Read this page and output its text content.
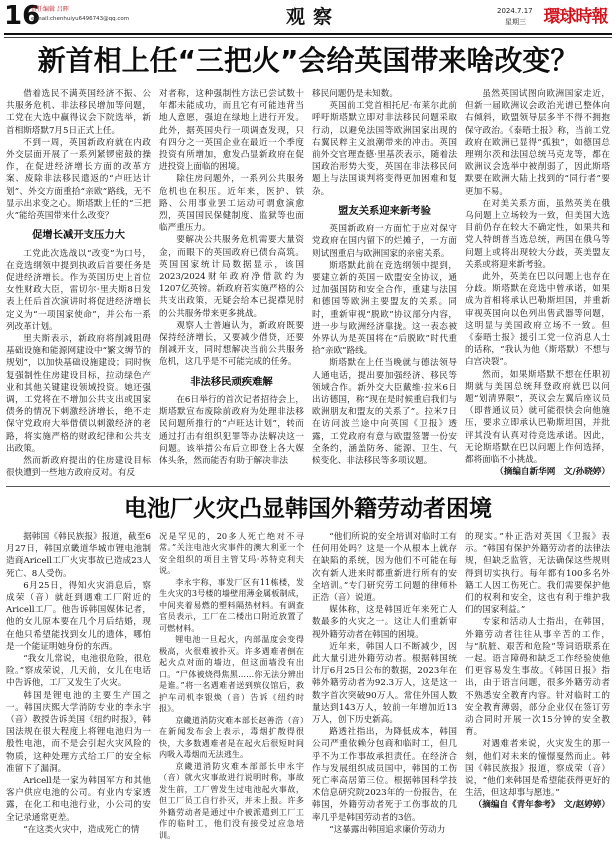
16
责任编辑 吕晖
e-mail:chenhuiyu6496743@qq.com	观察	2024.7.17
星期三	環球時報
新首相上任“三把火”会给英国带来啥改变？

借着选民不满英国经济不振、公共服务危机、非法移民增加等问题，工党在大选中赢得议会下院选举，新首相斯塔默7月5日正式上任。

不到一周，英国新政府就在内政外交层面开展了一系列紧锣密鼓的操作，在促进经济增长方面的改革方案、废除非法移民遣返的“卢旺达计划”、外交方面重拾“亲欧”路线，无不显示出求变之心。斯塔默上任的“三把火”能给英国带来什么改变？

促增长减开支压力大

工党此次选战以“改变”为口号，在竞选纲领中提到执政后首要任务是促进经济增长。作为英国历史上首位女性财政大臣，雷切尔·里夫斯8日发表上任后首次演讲时将促进经济增长定义为“一项国家使命”，并公布一系列改革计划。

里夫斯表示，新政府将削减阻碍基础设施和能源网建设中“繁文缛节的规划”，以加快基础设施建设；同时恢复强制性住房建设目标，拉动绿色产业和其他关键建设领域投资。她还强调，工党将在不增加公共支出或国家债务的情况下刺激经济增长，绝不走保守党政府大举借债以刺激经济的老路，将实施严格的财政纪律和公共支出政策。

然而新政府提出的住房建设目标很快遭到一些地方政府反对。有反

对者称，这种强制性方法已尝试数十年都未能成功，而且它有可能违背当地人意愿，强迫在绿地上进行开发。此外，据英国央行一项调查发现，只有四分之一英国企业在最近一个季度投资有所增加，愈发凸显新政府在促进投资上面临的困境。

除住房问题外，一系列公共服务危机也在积压。近年来，医护、铁路、公用事业罢工运动可谓愈演愈烈，英国国民保健制度、监狱等也面临严重压力。

要解决公共服务危机需要大量资金，而眼下的英国政府已债台高筑。英国国家统计局数据显示，该国2023/2024财年政府净借款约为1207亿英镑。新政府若实施严格的公共支出政策，无疑会给本已捉襟见肘的公共服务带来更多挑战。

观察人士普遍认为，新政府既要保持经济增长，又要减少借贷，还要削减开支，同时想解决当前公共服务危机，这几乎是不可能完成的任务。

非法移民顽疾难解

在6日举行的首次记者招待会上，斯塔默宣布废除前政府为处理非法移民问题所推行的“卢旺达计划”，转而通过打击有组织犯罪等办法解决这一问题。该举措公布后立即登上各大媒体头条，然而能否有助于解决非法

移民问题仍是未知数。

英国前工党首相托尼·布莱尔此前呼吁斯塔默立即对非法移民问题采取行动，以避免法国等欧洲国家出现的右翼民粹主义浪潮带来的冲击。英国前外交官理查德·里基茨表示，随着法国政治形势大变，英国在非法移民问题上与法国谈判将变得更加困难和复杂。

盟友关系迎来新考验

英国新政府一方面忙于应对保守党政府在国内留下的烂摊子，一方面则试图重启与欧洲国家的亲密关系。

斯塔默此前在竞选纲领中提到，要建立新的英国－欧盟安全协议，通过加强国防和安全合作，重建与法国和德国等欧洲主要盟友的关系。同时，重新审视“脱欧”协议部分内容，进一步与欧洲经济靠拢。这一表态被外界认为是英国将在“后脱欧”时代重拾“亲欧”路线。

斯塔默在上任当晚就与德法领导人通电话，提出要加强经济、移民等领域合作。新外交大臣戴维·拉米6日出访德国，称“现在是时候重启我们与欧洲朋友和盟友的关系了”。拉米7日在访问波兰途中向英国《卫报》透露，工党政府有意与欧盟签署一份安全条约，涵盖防务、能源、卫生、气候变化、非法移民等多项议题。

虽然英国试图向欧洲国家走近，但新一届欧洲议会政治光谱已整体向右倾斜，欧盟领导层多半不得不拥抱保守政治。《泰晤士报》称，当前工党政府在欧洲已显得“孤独”，如德国总理朔尔茨和法国总统马克龙等，都在欧洲议会选举中被削弱了，因此斯塔默要在欧洲大陆上找到的“同行者”要更加不易。

在对美关系方面，虽然英美在俄乌问题上立场较为一致，但美国大选目前仍存在较大不确定性，如果共和党人特朗普当选总统，两国在俄乌等问题上或将出现较大分歧，英美盟友关系或将迎来新考验。

此外，英美在巴以问题上也存在分歧。斯塔默在竞选中曾承诺，如果成为首相将承认巴勒斯坦国，并重新审视英国向以色列出售武器等问题，这明显与美国政府立场不一致。但《泰晤士报》援引工党一位消息人士的话称，“我认为他（斯塔默）不想与白宫决裂”。

然而，如果斯塔默不想在任职初期就与美国总统拜登政府就巴以问题“划清界限”，英议会左翼后座议员（即普通议员）就可能很快会向他施压，要求立即承认巴勒斯坦国，并批评其没有认真对待竞选承诺。因此，无论斯塔默在巴以问题上作何选择，都将面临不小挑战。

（摘编自新华网　文/孙晓婷）

电池厂火灾凸显韩国外籍劳动者困境

据韩国《韩民族报》报道，截至6月27日，韩国京畿道华城市锂电池制造商Aricell工厂火灾事故已造成23人死亡、8人受伤。

6月25日，得知火灾消息后，察成荣（音）就赶到遇难工厂附近的Aricell工厂。他告诉韩国媒体记者，他的女儿原本要在几个月后结婚，现在他只希望能找到女儿的遗体，哪怕是一个能证明她身份的东西。

“我女儿常说，电池很危险，很危险。”察成荣说，几天前，女儿在电话中告诉他，工厂又发生了火灾。

韩国是锂电池的主要生产国之一。韩国庆熙大学消防专业的李永宇（音）教授告诉美国《纽约时报》，韩国法规在很大程度上将锂电池归为一般性电池，而不是会引起火灾风险的物质，这种处理方式给工厂的安全标准留下了漏洞。

Aricell是一家为韩国军方和其他客户供应电池的公司。有业内专家透露，在化工和电池行业，小公司的安全记录通常更差。

“在这类火灾中，造成死亡的情

况是罕见的，20多人死亡绝对不寻常。”关注电池火灾事件的澳大利亚一个安全组织的项目主管艾玛·苏特克利夫说。

李永宇称，事发厂区有11栋楼，发生火灾的3号楼的墙壁用薄金属板制成，中间夹着易燃的塑料隔热材料。有调查官员表示，工厂在二楼出口附近放置了可燃材料。

锂电池一旦起火，内部温度会变得极高，火很难被扑灭。许多遇难者倒在起火点对面的墙边，但这面墙没有出口。“尸体被烧得焦黑……你无法分辨出是谁。”将一名遇难者送到殡仪馆后，救护车司机李银焕（音）告诉《纽约时报》。

京畿道消防灾难本部长赵善浩（音）在新闻发布会上表示，毒烟扩散得很快，大多数遇难者是在起火后很短时间内吸入毒烟而无法逃生。

京畿道消防灾难本部部长申永宇（音）就火灾事故进行说明时称，事故发生前，工厂曾发生过电池起火事故，但工厂员工自行扑灭，并未上报。许多外籍劳动者是通过中介被派遣到工厂工作的临时工，他们没有接受过应急培训。

“他们所说的安全培训对临时工有任何用处吗？这是一个从根本上就存在缺陷的系统，因为他们不可能在每次有新人进来时都重新进行所有的安全培训。”专门研究劳工问题的律师朴正浩（音）说道。

媒体称，这是韩国近年来死亡人数最多的火灾之一。这让人们重新审视外籍劳动者在韩国的困境。

近年来，韩国人口不断减少，因此大量引进外籍劳动者。根据韩国统计厅6月25日公布的数据，2023年在韩外籍劳动者为92.3万人，这是这一数字首次突破90万人。常住外国人数量达到143万人，较前一年增加近13万人，创下历史新高。

路透社指出，为降低成本，韩国公司严重依赖分包商和临时工，但几乎不为工作事故承担责任。在经济合作与发展组织成员国中，韩国的工伤死亡率高居第三位。根据韩国科学技术信息研究院2023年的一份报告，在韩国，外籍劳动者死于工伤事故的几率几乎是韩国劳动者的3倍。

“这暴露出韩国追求廉价劳动力

的现实。”朴正浩对英国《卫报》表示。“韩国有保护外籍劳动者的法律法规，但缺乏监管，无法确保这些规则得到切实执行。每年都有100多名外籍工人因工伤死亡。我们需要保护他们的权利和安全，这也有利于维护我们的国家利益。”

专家和活动人士指出，在韩国，外籍劳动者往往从事辛苦的工作，与“肮脏、艰苦和危险”等词语联系在一起。语言障碍和缺乏工作经验使他们更容易发生事故。《韩国日报》指出，由于语言问题，很多外籍劳动者不熟悉安全教育内容。针对临时工的安全教育薄弱，部分企业仅在签订劳动合同时开展一次15分钟的安全教育。

对遇难者来说，火灾发生的那一刻，他们对未来的憧憬戛然而止。韩国《韩民族报》报道，察成荣（音）说，“他们来韩国是希望能获得更好的生活，但这却事与愿违。”

（摘编自《青年参考》　文/赵婷婷）
